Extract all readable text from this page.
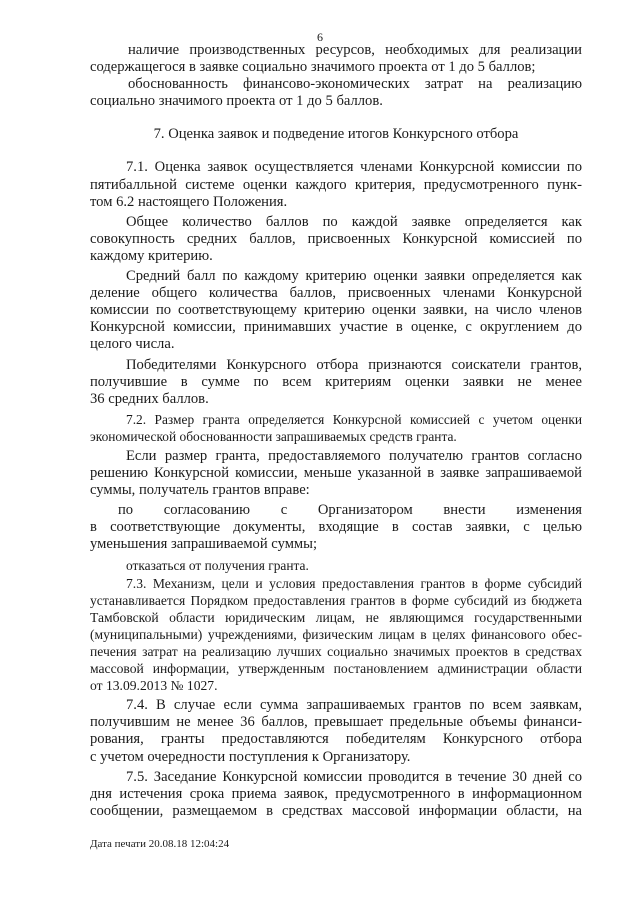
6
наличие производственных ресурсов, необходимых для реализации
содержащегося в заявке социально значимого проекта от 1 до 5 баллов;
обоснованность финансово-экономических затрат на реализацию
социально значимого проекта от 1 до 5 баллов.
7. Оценка заявок и подведение итогов Конкурсного отбора
7.1. Оценка заявок осуществляется членами Конкурсной комиссии по
пятибалльной системе оценки каждого критерия, предусмотренного пунк-
том 6.2 настоящего Положения.
Общее количество баллов по каждой заявке определяется как
совокупность средних баллов, присвоенных Конкурсной комиссией по
каждому критерию.
Средний балл по каждому критерию оценки заявки определяется как
деление общего количества баллов, присвоенных членами Конкурсной
комиссии по соответствующему критерию оценки заявки, на число членов
Конкурсной комиссии, принимавших участие в оценке, с округлением до
целого числа.
Победителями Конкурсного отбора признаются соискатели грантов,
получившие в сумме по всем критериям оценки заявки не менее
36 средних баллов.
7.2. Размер гранта определяется Конкурсной комиссией с учетом оценки
экономической обоснованности запрашиваемых средств гранта.
Если размер гранта, предоставляемого получателю грантов согласно
решению Конкурсной комиссии, меньше указанной в заявке запрашиваемой
суммы, получатель грантов вправе:
по согласованию с Организатором внести изменения
в соответствующие документы, входящие в состав заявки, с целью
уменьшения запрашиваемой суммы;
отказаться от получения гранта.
7.3. Механизм, цели и условия предоставления грантов в форме субсидий
устанавливается Порядком предоставления грантов в форме субсидий из бюджета
Тамбовской области юридическим лицам, не являющимся государственными
(муниципальными) учреждениями, физическим лицам в целях финансового обес-
печения затрат на реализацию лучших социально значимых проектов в средствах
массовой информации, утвержденным постановлением администрации области
от 13.09.2013 № 1027.
7.4. В случае если сумма запрашиваемых грантов по всем заявкам,
получившим не менее 36 баллов, превышает предельные объемы финанси-
рования, гранты предоставляются победителям Конкурсного отбора
с учетом очередности поступления к Организатору.
7.5. Заседание Конкурсной комиссии проводится в течение 30 дней со
дня истечения срока приема заявок, предусмотренного в информационном
сообщении, размещаемом в средствах массовой информации области, на
Дата печати 20.08.18 12:04:24
